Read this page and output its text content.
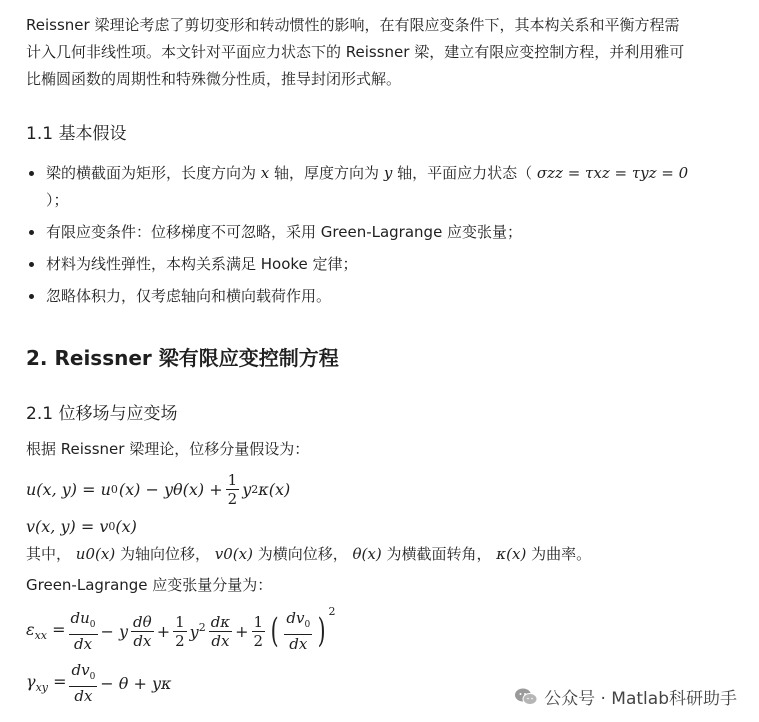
Reissner 梁理论考虑了剪切变形和转动惯性的影响，在有限应变条件下，其本构关系和平衡方程需

计入几何非线性项。本文针对平面应力状态下的 Reissner 梁，建立有限应变控制方程，并利用雅可

比椭圆函数的周期性和特殊微分性质，推导封闭形式解。

1.1 基本假设
梁的横截面为矩形，长度方向为 x 轴，厚度方向为 y 轴，平面应力状态（ σzz = τxz = τyz = 0
）；
有限应变条件：位移梯度不可忽略，采用 Green-Lagrange 应变张量；
材料为线性弹性，本构关系满足 Hooke 定律；
忽略体积力，仅考虑轴向和横向载荷作用。
2. Reissner 梁有限应变控制方程
2.1 位移场与应变场

根据 Reissner 梁理论，位移分量假设为：

u(x, y) = u 0 $(x) - y\theta(x) + \frac{1}{2}$ y 2 κ(x)
v(x, y) = v 0 (x)

其中， u0(x) 为轴向位移， v0(x) 为横向位移， θ(x) 为横截面转角， κ(x) 为曲率。

Green-Lagrange 应变张量分量为：

$\varepsilon_{xx} = \frac{du_0}{dx} - y \frac{d\theta}{dx} + \frac{1}{2} y^2 \frac{d\kappa}{dx} + \frac{1}{2}$ ( $\frac{dv_0}{dx} )^2$
$\gamma_{xy} = \frac{dv_0}{dx} - \theta + y\kappa$
公众号 · Matlab科研助手
